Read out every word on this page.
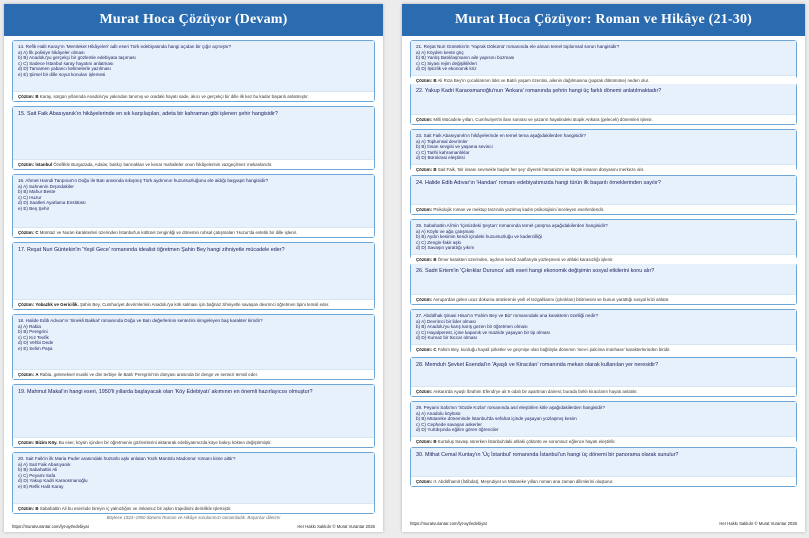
Murat Hoca Çözüyor (Devam)
14. Refik Halit Karay'ın 'Memleket Hikâyeleri' adlı eseri Türk edebiyatında hangi açıdan bir çığır açmıştır?
a) A) İlk polisiye hikâyeler olması
b) B) Anadolu'yu gerçekçi bir gözlemle edebiyata taşıması
c) C) Sadece İstanbul saray hayatını anlatması
d) D) Tamamen yabancı kelimelerle yazılması
e) E) Şiirsel bir dille soyut konuları işlemesi
Çözüm: B Karay, sürgün yıllarında Anadolu'yu yakından tanımış ve oradaki hayatı sade, akıcı ve gerçekçi bir dille ilk kez bu kadar başarılı anlatmıştır.
15. Sait Faik Abasıyanık'ın hikâyelerinde en sık karşılaşılan, adeta bir kahraman gibi işlenen şehir hangisidir?
Çözüm: İstanbul Özellikle Burgazada, Adalar, balıkçı barınakları ve kenar mahalleler onun hikâyelerinin vazgeçilmez mekanlarıdır.
16. Ahmet Hamdi Tanpınar'ın Doğu ile Batı arasında sıkışmış Türk aydınının huzursuzluğunu ele aldığı başyapıt hangisidir?
a) A) Sahnenin Dışındakiler
b) B) Mahur Beste
c) C) Huzur
d) D) Saatleri Ayarlama Enstitüsü
e) E) Beş Şehir
Çözüm: C Mümtaz ve Nuran karakterleri üzerinden İstanbul'un kültürel zenginliği ve dönemin ruhsal çatışmaları 'Huzur'da estetik bir dille işlenir.
17. Reşat Nuri Güntekin'in 'Yeşil Gece' romanında idealist öğretmen Şahin Bey hangi zihniyetle mücadele eder?
Çözüm: Yobazlık ve Gericilik. Şahin Bey, Cumhuriyet devrimlerinin Anadolu'ya kök salması için bağnaz zihniyetle savaşan devrimci öğretmen tipini temsil eder.
18. Halide Edib Adıvar'ın 'Sinekli Bakkal' romanında Doğu ve Batı değerlerinin sentezini simgeleyen baş karakter kimdir?
a) A) Rabia
b) B) Peregrini
c) C) Kız Tevfik
d) D) Vehbi Dede
e) E) Selim Paşa
Çözüm: A Rabia, geleneksel musiki ve dini terbiye ile Batılı Peregrini'nin dünyası arasında bir denge ve sentezi temsil eder.
19. Mahmut Makal'ın hangi eseri, 1950'li yıllarda başlayacak olan 'Köy Edebiyatı' akımının en önemli hazırlayıcısı olmuştur?
Çözüm: Bizim Köy. Bu eser, köyün içinden bir öğretmenin gözlemlerini aktararak edebiyatımızda köye bakışı kökten değiştirmiştir.
20. Sait Faik'in ilk Maria Puder arasındaki hüzünlü aşkı anlatan 'Kürk Mantolu Madonna' romanı kime aittir?
a) A) Sait Faik Abasıyanık
b) B) Sabahattin Ali
c) C) Peyami Safa
d) D) Yakup Kadri Karaosmanoğlu
e) E) Refik Halit Karay
Çözüm: B Sabahattin Ali bu eserinde bireyin iç yalnızlığını ve imkansız bir aşkın trajedisini derinlikle işlemiştir.
Böylece 1923–1950 dönemi Roman ve Hikâye sorularımızı tamamladık. Başarılar dilerim!
https://muratvurantar.com/lyt-ayt/edebiyat	Her Hakkı Saklıdır © Murat Vurantar 2026
Murat Hoca Çözüyor: Roman ve Hikâye (21-30)
21. Reşat Nuri Güntekin'in 'Yaprak Dökümü' romanında ele alınan temel toplumsal sorun hangisidir?
a) A) Köyden kente göç
b) B) Yanlış Batılılaşmanın aile yapısını bozması
c) C) Siyasi rejim değişiklikleri
d) D) İşsizlik ve ekonomik kriz
Çözüm: B Ali Rıza Bey'in çocuklarının lüks ve Batılı yaşam özentisi, ailenin dağılmasına (yaprak dökümüne) neden olur.
22. Yakup Kadri Karaosmanoğlu'nun 'Ankara' romanında şehrin hangi üç farklı dönemi anlatılmaktadır?
Çözüm: Milli Mücadele yılları, Cumhuriyet'in ilanı sonrası ve yazarın hayalindeki ütopik Ankara (gelecek) dönemleri işlenir.
23. Sait Faik Abasıyanık'ın hikâyelerinde en temel tema aşağıdakilerden hangisidir?
a) A) Toplumsal devrimler
b) B) İnsan sevgisi ve yaşama sevinci
c) C) Tarihi kahramanlıklar
d) D) Bürokrasi eleştirisi
Çözüm: B Sait Faik, 'Bir insanı sevmekle başlar her şey' diyerek hümanizmi ve küçük insanın dünyasını merkeze alır.
24. Halide Edib Adıvar'ın 'Handan' romanı edebiyatımızda hangi türün ilk başarılı örneklerinden sayılır?
Çözüm: Psikolojik roman ve mektup tarzında yazılmış kadın psikolojisini inceleyen eserlerdendir.
25. Sabahattin Ali'nin 'İçimizdeki Şeytan' romanında temel çatışma aşağıdakilerden hangisidir?
a) A) Köylü ve ağa çatışması
b) B) Aydın kesimin kendi içindeki huzursuzluğu ve kadercilliği
c) C) Zengin-fakir aşkı
d) D) Savaşın yarattığı yıkım
Çözüm: B Ömer karakteri üzerinden, aydının kendi zaaflarıyla yüzleşmesi ve ahlaki karasızlığı işlenir.
26. Sadri Ertem'in 'Çıkrıklar Durunca' adlı eseri hangi ekonomik değişimin sosyal etkilerini konu alır?
Çözüm: Avrupa'dan gelen ucuz dokuma ürünlerinin yerli el tezgahlarını (çıkrıkları) bitirmesini ve bunun yarattığı sosyal krizi anlatır.
27. Abdülhak Şinasi Hisar'ın 'Fahim Bey ve Biz' romanındaki ana karakterin özelliği nedir?
a) A) Devrimci bir lider olması
b) B) Anadolu'yu karış karış gezen bir öğretmen olması
c) C) Hayalperest, içine kapanık ve maziide yaşayan bir tip olması
d) D) Kurnaz bir tüccar olması
Çözüm: C Fahim Bey, kurduğu hayali şirketler ve geçmişe olan bağlılıyla dönemin 'mev-i palcima münhase' karakterlerinden biridir.
28. Memduh Şevket Esendal'ın 'Ayaşlı ve Kiracıları' romanında mekan olarak kullanılan yer neresidir?
Çözüm: Ankara'da Ayaşlı İbrahim Efendi'ye ait 9 odalı bir apartman dairesi; burada farklı kiracıların hayatı anlatılır.
29. Peyami Safa'nın 'Sözde Kızlar' romanında asıl eleştirilen kitle aşağıdakilerden hangisidir?
a) A) Anadolu köylüsü
b) B) Mütareke döneminde İstanbul'da sefahat içinde yaşayan yozlaşmış kesim
c) C) Cephede savaşan askerler
d) D) Yurtdışında eğitim gören öğrenciler
Çözüm: B Kurtuluş Savaşı sürerken İstanbul'daki ahlaki çöküntü ve sorumsuz eğlence hayatı eleştirilir.
30. Mithat Cemal Kuntay'ın 'Üç İstanbul' romanında İstanbul'un hangi üç dönemi bir panorama olarak sunulur?
Çözüm: II. Abdülhamit (İstibdat), Meşrutiyet ve Mütareke yılları roman ana zaman dilimlerini oluşturur.
https://muratvurantar.com/lyt-ayt/edebiyat	Her Hakkı Saklıdır © Murat Vurantar 2026
